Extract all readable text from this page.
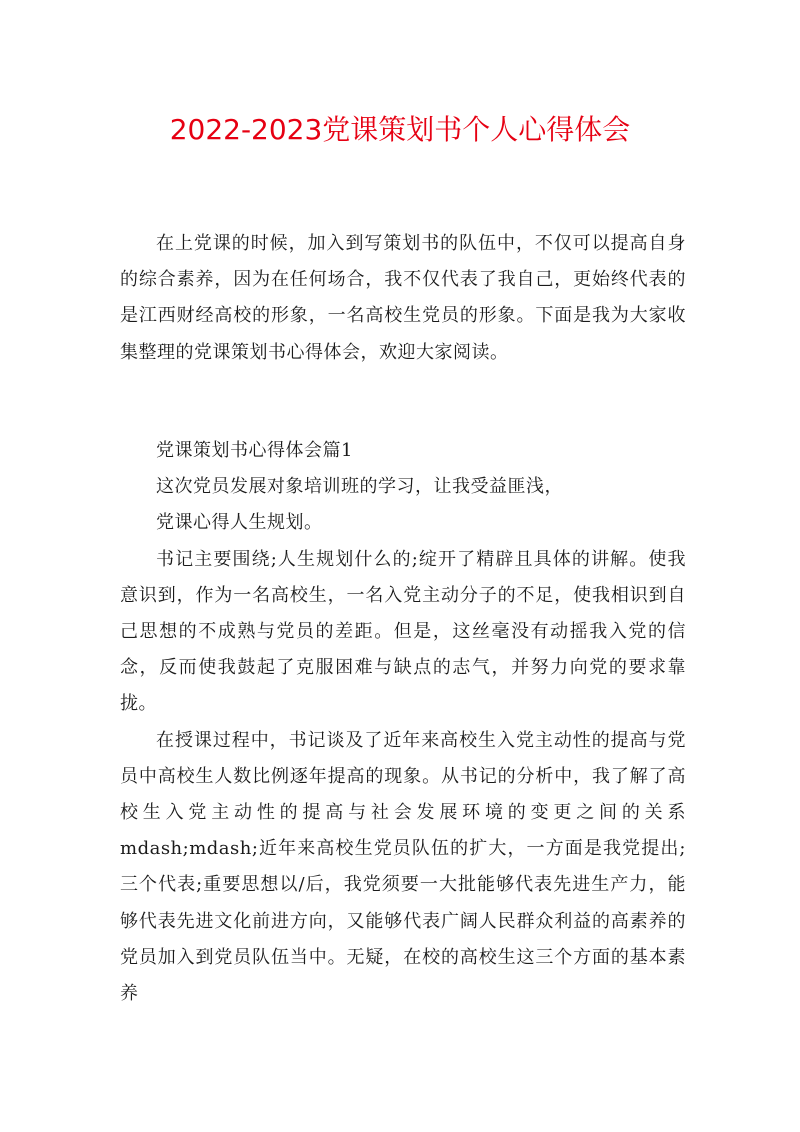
2022-2023党课策划书个人心得体会

在上党课的时候，加入到写策划书的队伍中，不仅可以提高自身的综合素养，因为在任何场合，我不仅代表了我自己，更始终代表的是江西财经高校的形象，一名高校生党员的形象。下面是我为大家收集整理的党课策划书心得体会，欢迎大家阅读。

党课策划书心得体会篇1

这次党员发展对象培训班的学习，让我受益匪浅，

党课心得人生规划。

书记主要围绕;人生规划什么的;绽开了精辟且具体的讲解。使我意识到，作为一名高校生，一名入党主动分子的不足，使我相识到自己思想的不成熟与党员的差距。但是，这丝毫没有动摇我入党的信念，反而使我鼓起了克服困难与缺点的志气，并努力向党的要求靠拢。

在授课过程中，书记谈及了近年来高校生入党主动性的提高与党员中高校生人数比例逐年提高的现象。从书记的分析中，我了解了高校生入党主动性的提高与社会发展环境的变更之间的关系mdash;mdash;近年来高校生党员队伍的扩大，一方面是我党提出;三个代表;重要思想以/后，我党须要一大批能够代表先进生产力，能够代表先进文化前进方向，又能够代表广阔人民群众利益的高素养的党员加入到党员队伍当中。无疑，在校的高校生这三个方面的基本素养
